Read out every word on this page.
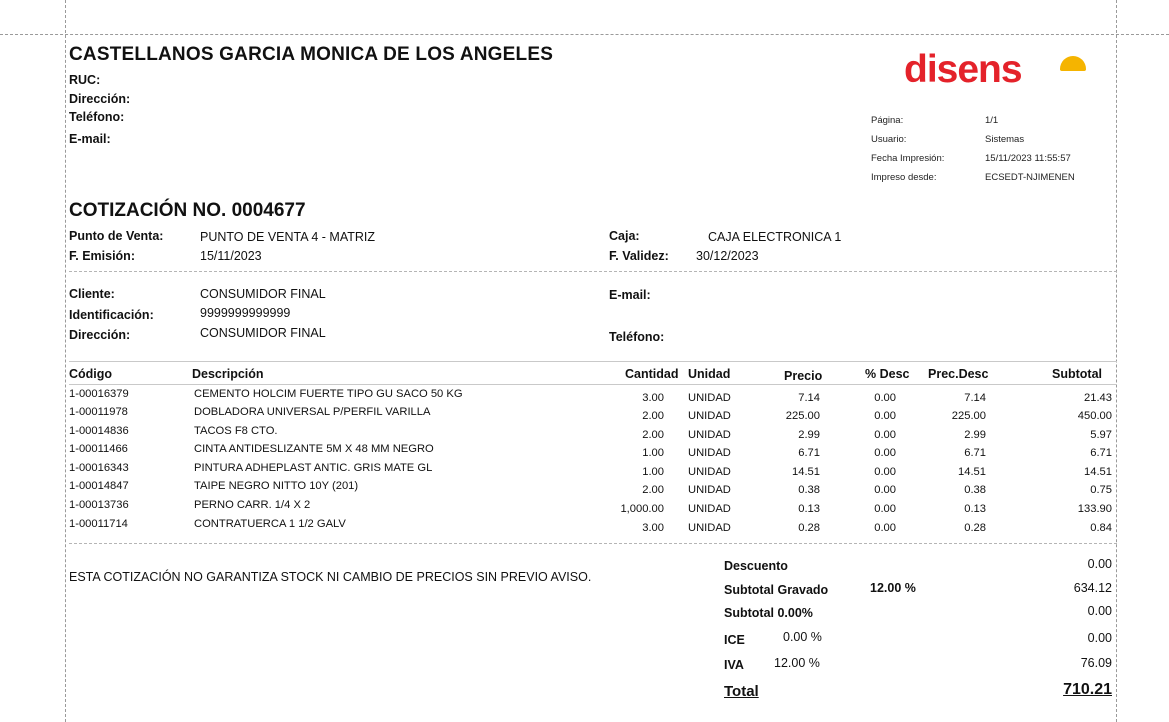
CASTELLANOS GARCIA MONICA DE LOS ANGELES
RUC:
Dirección:
Teléfono:
E-mail:
disens
Página:	1/1
Usuario:	Sistemas
Fecha Impresión:	15/11/2023 11:55:57
Impreso desde:	ECSEDT-NJIMENEN
COTIZACIÓN NO. 0004677
Punto de Venta:	PUNTO DE VENTA 4 - MATRIZ
F. Emisión:	15/11/2023
Caja:	CAJA ELECTRONICA 1
F. Validez: 30/12/2023
Cliente:	CONSUMIDOR FINAL
Identificación:	9999999999999
Dirección:	CONSUMIDOR FINAL
E-mail:
Teléfono:
Código	Descripción	Cantidad Unidad	Precio	% Desc Prec.Desc	Subtotal
1-00016379	CEMENTO HOLCIM FUERTE TIPO GU SACO 50 KG	3.00 UNIDAD	7.14	0.00	7.14	21.43
1-00011978	DOBLADORA UNIVERSAL P/PERFIL VARILLA	2.00 UNIDAD	225.00	0.00	225.00	450.00
1-00014836	TACOS F8 CTO.	2.00 UNIDAD	2.99	0.00	2.99	5.97
1-00011466	CINTA ANTIDESLIZANTE 5M X 48 MM NEGRO	1.00 UNIDAD	6.71	0.00	6.71	6.71
1-00016343	PINTURA ADHEPLAST ANTIC. GRIS MATE GL	1.00 UNIDAD	14.51	0.00	14.51	14.51
1-00014847	TAIPE NEGRO NITTO 10Y (201)	2.00 UNIDAD	0.38	0.00	0.38	0.75
1-00013736	PERNO CARR. 1/4 X 2	1,000.00 UNIDAD	0.13	0.00	0.13	133.90
1-00011714	CONTRATUERCA 1 1/2 GALV	3.00 UNIDAD	0.28	0.00	0.28	0.84
ESTA COTIZACIÓN NO GARANTIZA STOCK NI CAMBIO DE PRECIOS SIN PREVIO AVISO.
Descuento	0.00
Subtotal Gravado	12.00 %	634.12
Subtotal 0.00%	0.00
ICE	0.00 %	0.00
IVA 12.00 %	76.09
Total	710.21
